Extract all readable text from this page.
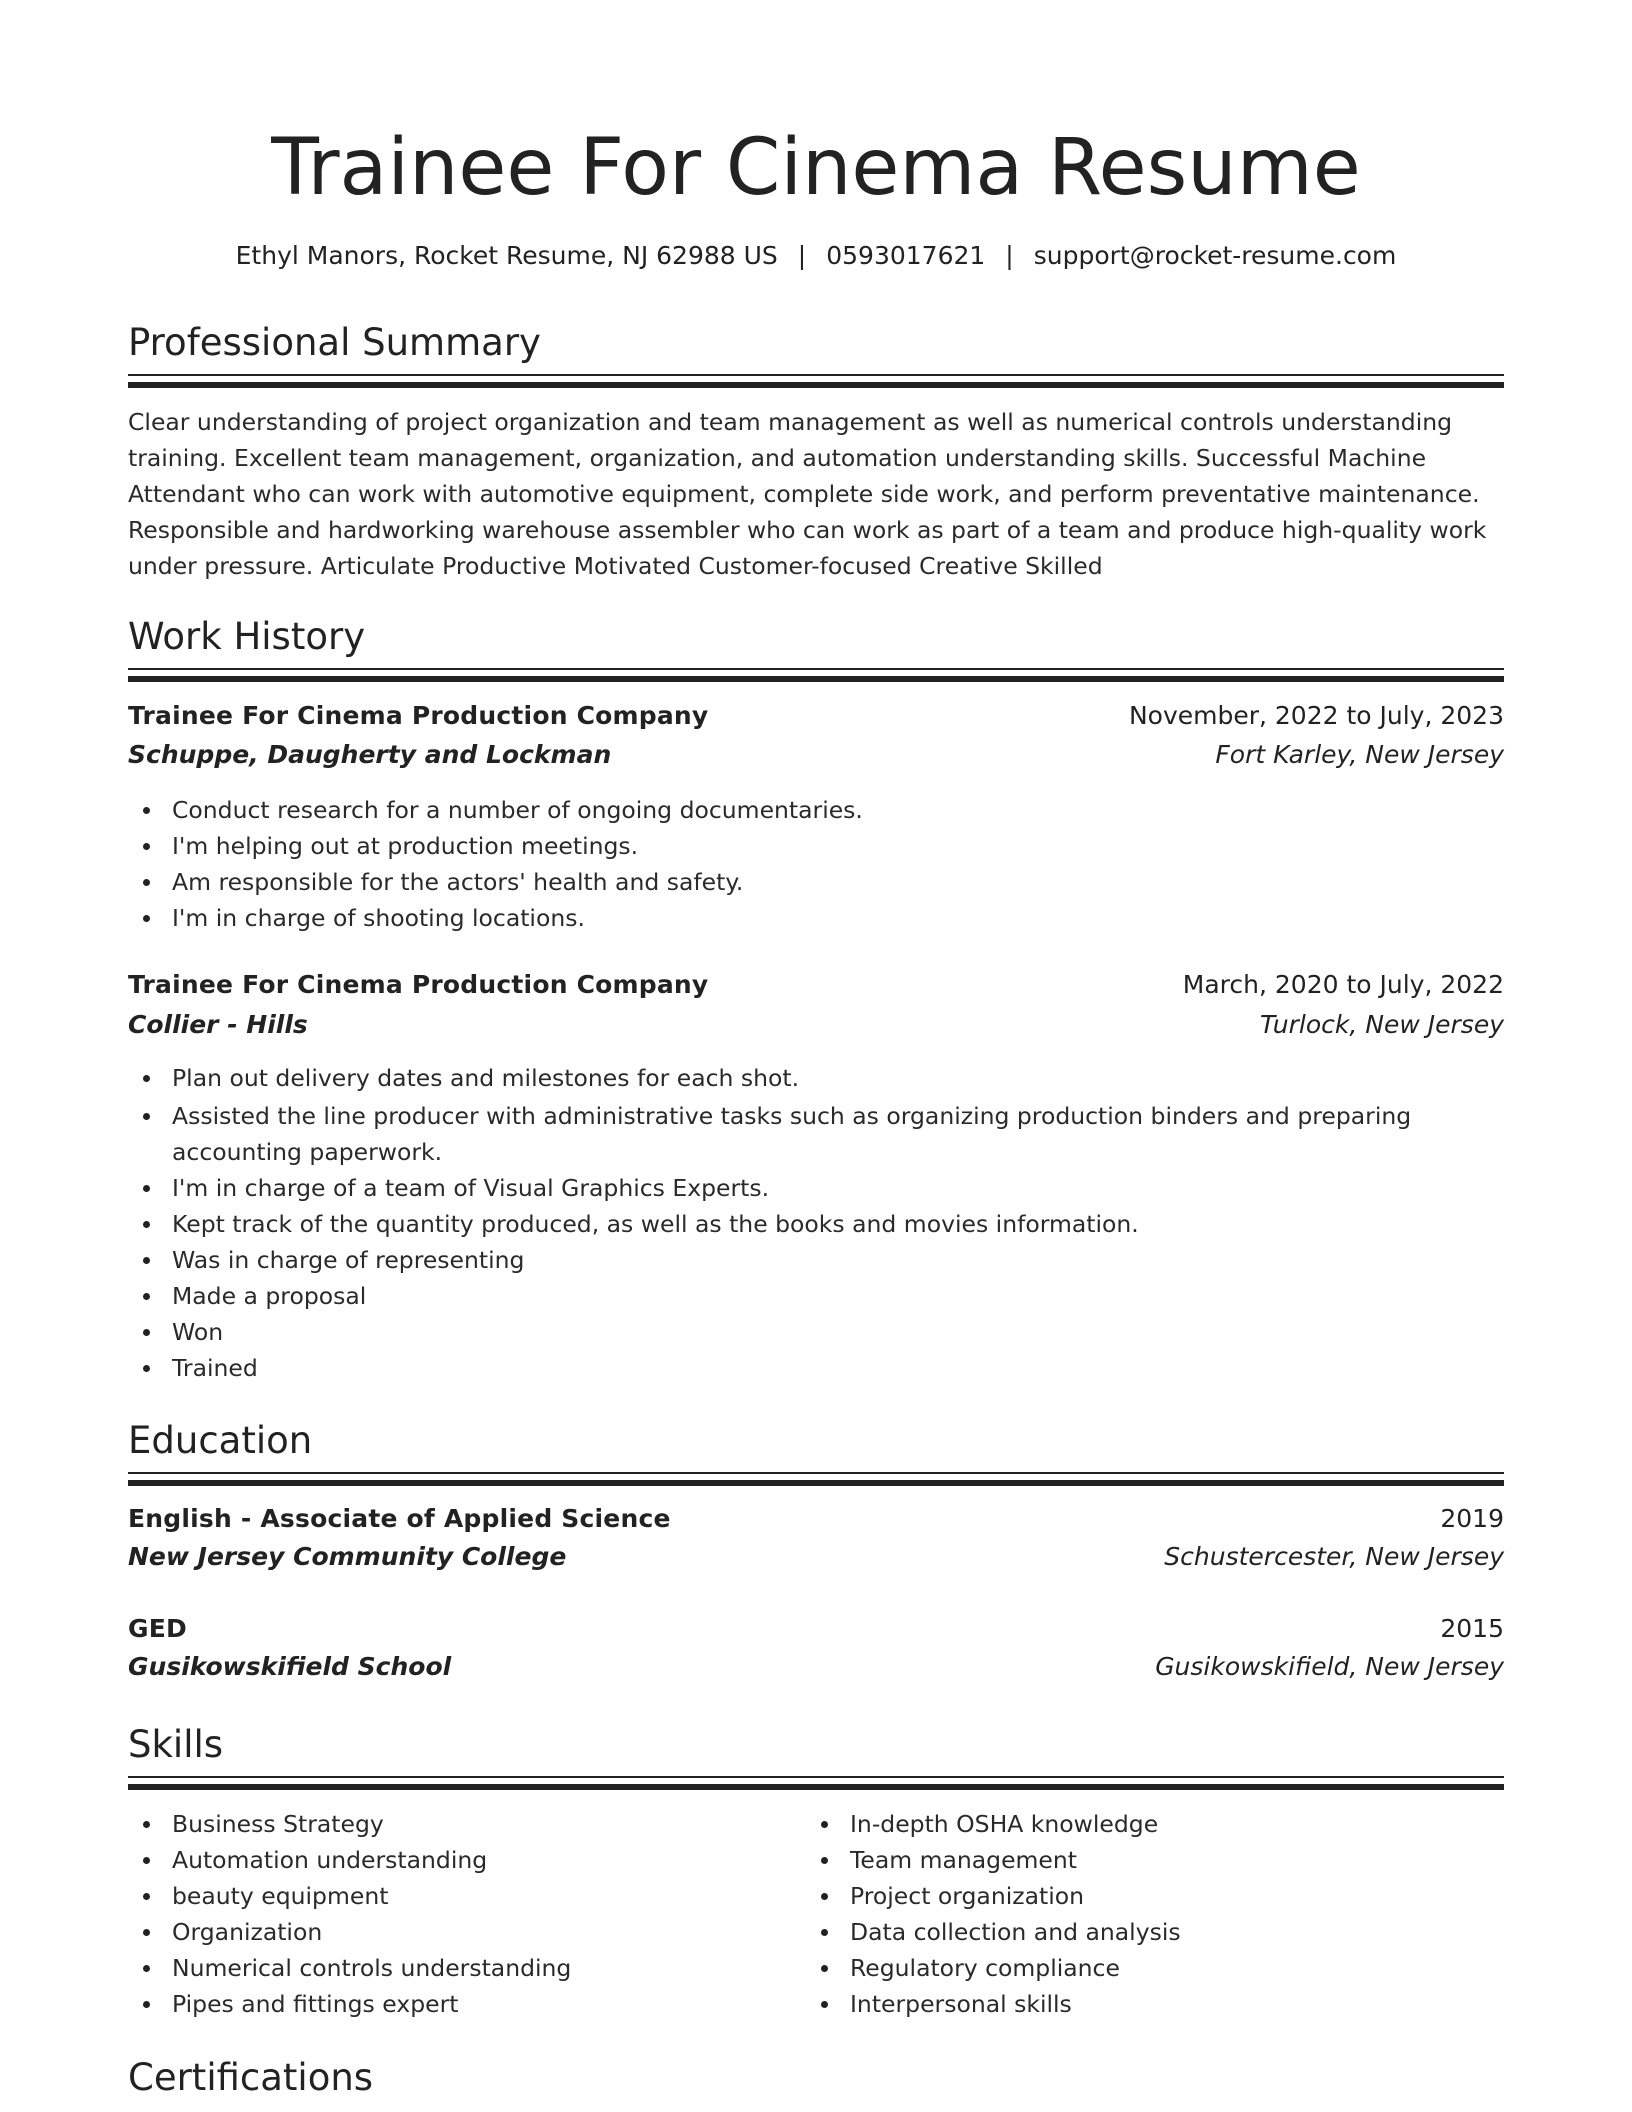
Trainee For Cinema Resume
Ethyl Manors, Rocket Resume, NJ 62988 US | 0593017621 | support@rocket-resume.com
Professional Summary
Clear understanding of project organization and team management as well as numerical controls understanding
training. Excellent team management, organization, and automation understanding skills. Successful Machine
Attendant who can work with automotive equipment, complete side work, and perform preventative maintenance.
Responsible and hardworking warehouse assembler who can work as part of a team and produce high-quality work
under pressure. Articulate Productive Motivated Customer-focused Creative Skilled
Work History
Trainee For Cinema Production Company	November, 2022 to July, 2023
Schuppe, Daugherty and Lockman	Fort Karley, New Jersey
Conduct research for a number of ongoing documentaries.
I'm helping out at production meetings.
Am responsible for the actors' health and safety.
I'm in charge of shooting locations.
Trainee For Cinema Production Company	March, 2020 to July, 2022
Collier - Hills	Turlock, New Jersey
Plan out delivery dates and milestones for each shot.
Assisted the line producer with administrative tasks such as organizing production binders and preparing
accounting paperwork.
I'm in charge of a team of Visual Graphics Experts.
Kept track of the quantity produced, as well as the books and movies information.
Was in charge of representing
Made a proposal
Won
Trained
Education
English - Associate of Applied Science	2019
New Jersey Community College	Schustercester, New Jersey
GED	2015
Gusikowskifield School	Gusikowskifield, New Jersey
Skills
Business Strategy
Automation understanding
beauty equipment
Organization
Numerical controls understanding
Pipes and fittings expert
In-depth OSHA knowledge
Team management
Project organization
Data collection and analysis
Regulatory compliance
Interpersonal skills
Certifications
